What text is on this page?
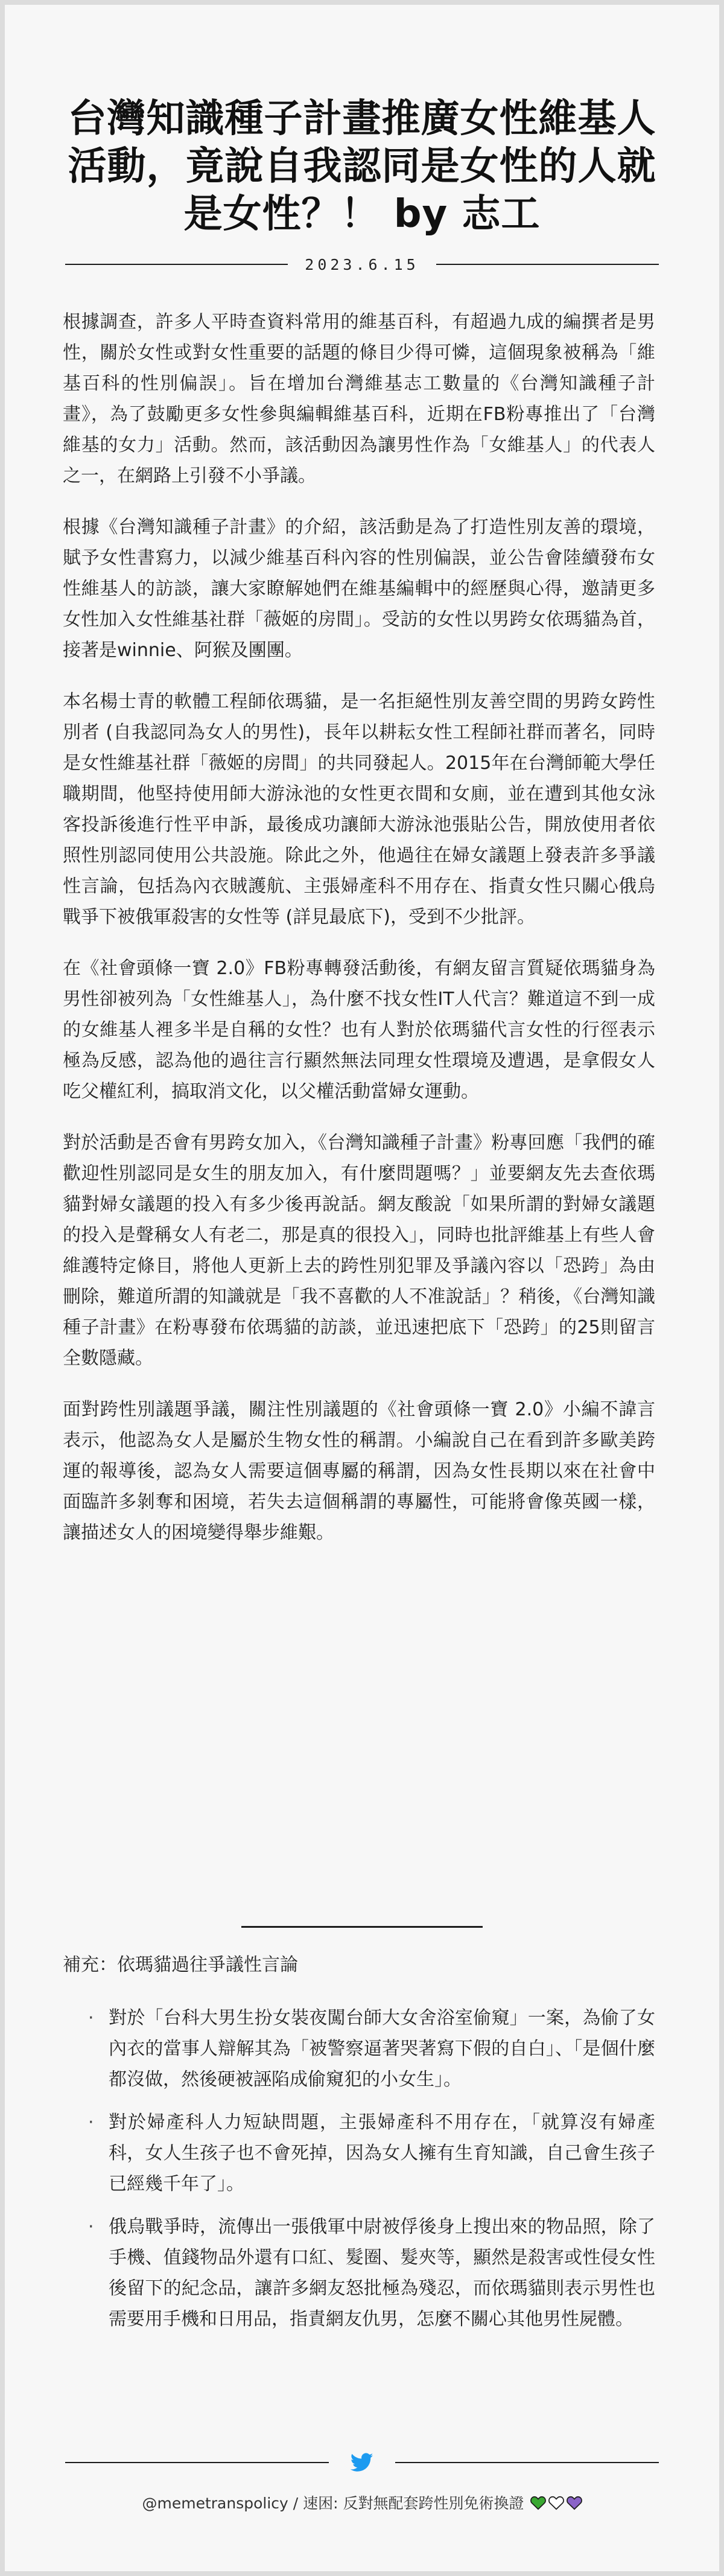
台灣知識種子計畫推廣女性維基人活動，竟說自我認同是女性的人就是女性？！ by 志工
2023.6.15

根據調查，許多人平時查資料常用的維基百科，有超過九成的編撰者是男性，關於女性或對女性重要的話題的條目少得可憐，這個現象被稱為「維基百科的性別偏誤」。旨在增加台灣維基志工數量的《台灣知識種子計畫》，為了鼓勵更多女性參與編輯維基百科，近期在FB粉專推出了「台灣維基的女力」活動。然而，該活動因為讓男性作為「女維基人」的代表人之一，在網路上引發不小爭議。

根據《台灣知識種子計畫》的介紹，該活動是為了打造性別友善的環境，賦予女性書寫力，以減少維基百科內容的性別偏誤，並公告會陸續發布女性維基人的訪談，讓大家瞭解她們在維基編輯中的經歷與心得，邀請更多女性加入女性維基社群「薇姬的房間」。受訪的女性以男跨女依瑪貓為首，接著是winnie、阿猴及團團。

本名楊士青的軟體工程師依瑪貓，是一名拒絕性別友善空間的男跨女跨性別者 (自我認同為女人的男性)，長年以耕耘女性工程師社群而著名，同時是女性維基社群「薇姬的房間」的共同發起人。2015年在台灣師範大學任職期間，他堅持使用師大游泳池的女性更衣間和女廁，並在遭到其他女泳客投訴後進行性平申訴，最後成功讓師大游泳池張貼公告，開放使用者依照性別認同使用公共設施。除此之外，他過往在婦女議題上發表許多爭議性言論，包括為內衣賊護航、主張婦產科不用存在、指責女性只關心俄烏戰爭下被俄軍殺害的女性等 (詳見最底下)，受到不少批評。

在《社會頭條一寶 2.0》FB粉專轉發活動後，有網友留言質疑依瑪貓身為男性卻被列為「女性維基人」，為什麼不找女性IT人代言？難道這不到一成的女維基人裡多半是自稱的女性？也有人對於依瑪貓代言女性的行徑表示極為反感，認為他的過往言行顯然無法同理女性環境及遭遇，是拿假女人吃父權紅利，搞取消文化，以父權活動當婦女運動。

對於活動是否會有男跨女加入，《台灣知識種子計畫》粉專回應「我們的確歡迎性別認同是女生的朋友加入，有什麼問題嗎？」並要網友先去查依瑪貓對婦女議題的投入有多少後再說話。網友酸說「如果所謂的對婦女議題的投入是聲稱女人有老二，那是真的很投入」，同時也批評維基上有些人會維護特定條目，將他人更新上去的跨性別犯罪及爭議內容以「恐跨」為由刪除，難道所謂的知識就是「我不喜歡的人不准說話」？稍後，《台灣知識種子計畫》在粉專發布依瑪貓的訪談，並迅速把底下「恐跨」的25則留言全數隱藏。

面對跨性別議題爭議，關注性別議題的《社會頭條一寶 2.0》小編不諱言表示，他認為女人是屬於生物女性的稱謂。小編說自己在看到許多歐美跨運的報導後，認為女人需要這個專屬的稱謂，因為女性長期以來在社會中面臨許多剝奪和困境，若失去這個稱謂的專屬性，可能將會像英國一樣，讓描述女人的困境變得舉步維艱。

補充：依瑪貓過往爭議性言論
· 對於「台科大男生扮女裝夜闖台師大女舍浴室偷窺」一案，為偷了女內衣的當事人辯解其為「被警察逼著哭著寫下假的自白」、「是個什麼都沒做，然後硬被誣陷成偷窺犯的小女生」。
· 對於婦產科人力短缺問題，主張婦產科不用存在，「就算沒有婦產科，女人生孩子也不會死掉，因為女人擁有生育知識，自己會生孩子已經幾千年了」。
· 俄烏戰爭時，流傳出一張俄軍中尉被俘後身上搜出來的物品照，除了手機、值錢物品外還有口紅、髮圈、髮夾等，顯然是殺害或性侵女性後留下的紀念品，讓許多網友怒批極為殘忍，而依瑪貓則表示男性也需要用手機和日用品，指責網友仇男，怎麼不關心其他男性屍體。
@memetranspolicy / 速困: 反對無配套跨性別免術換證
